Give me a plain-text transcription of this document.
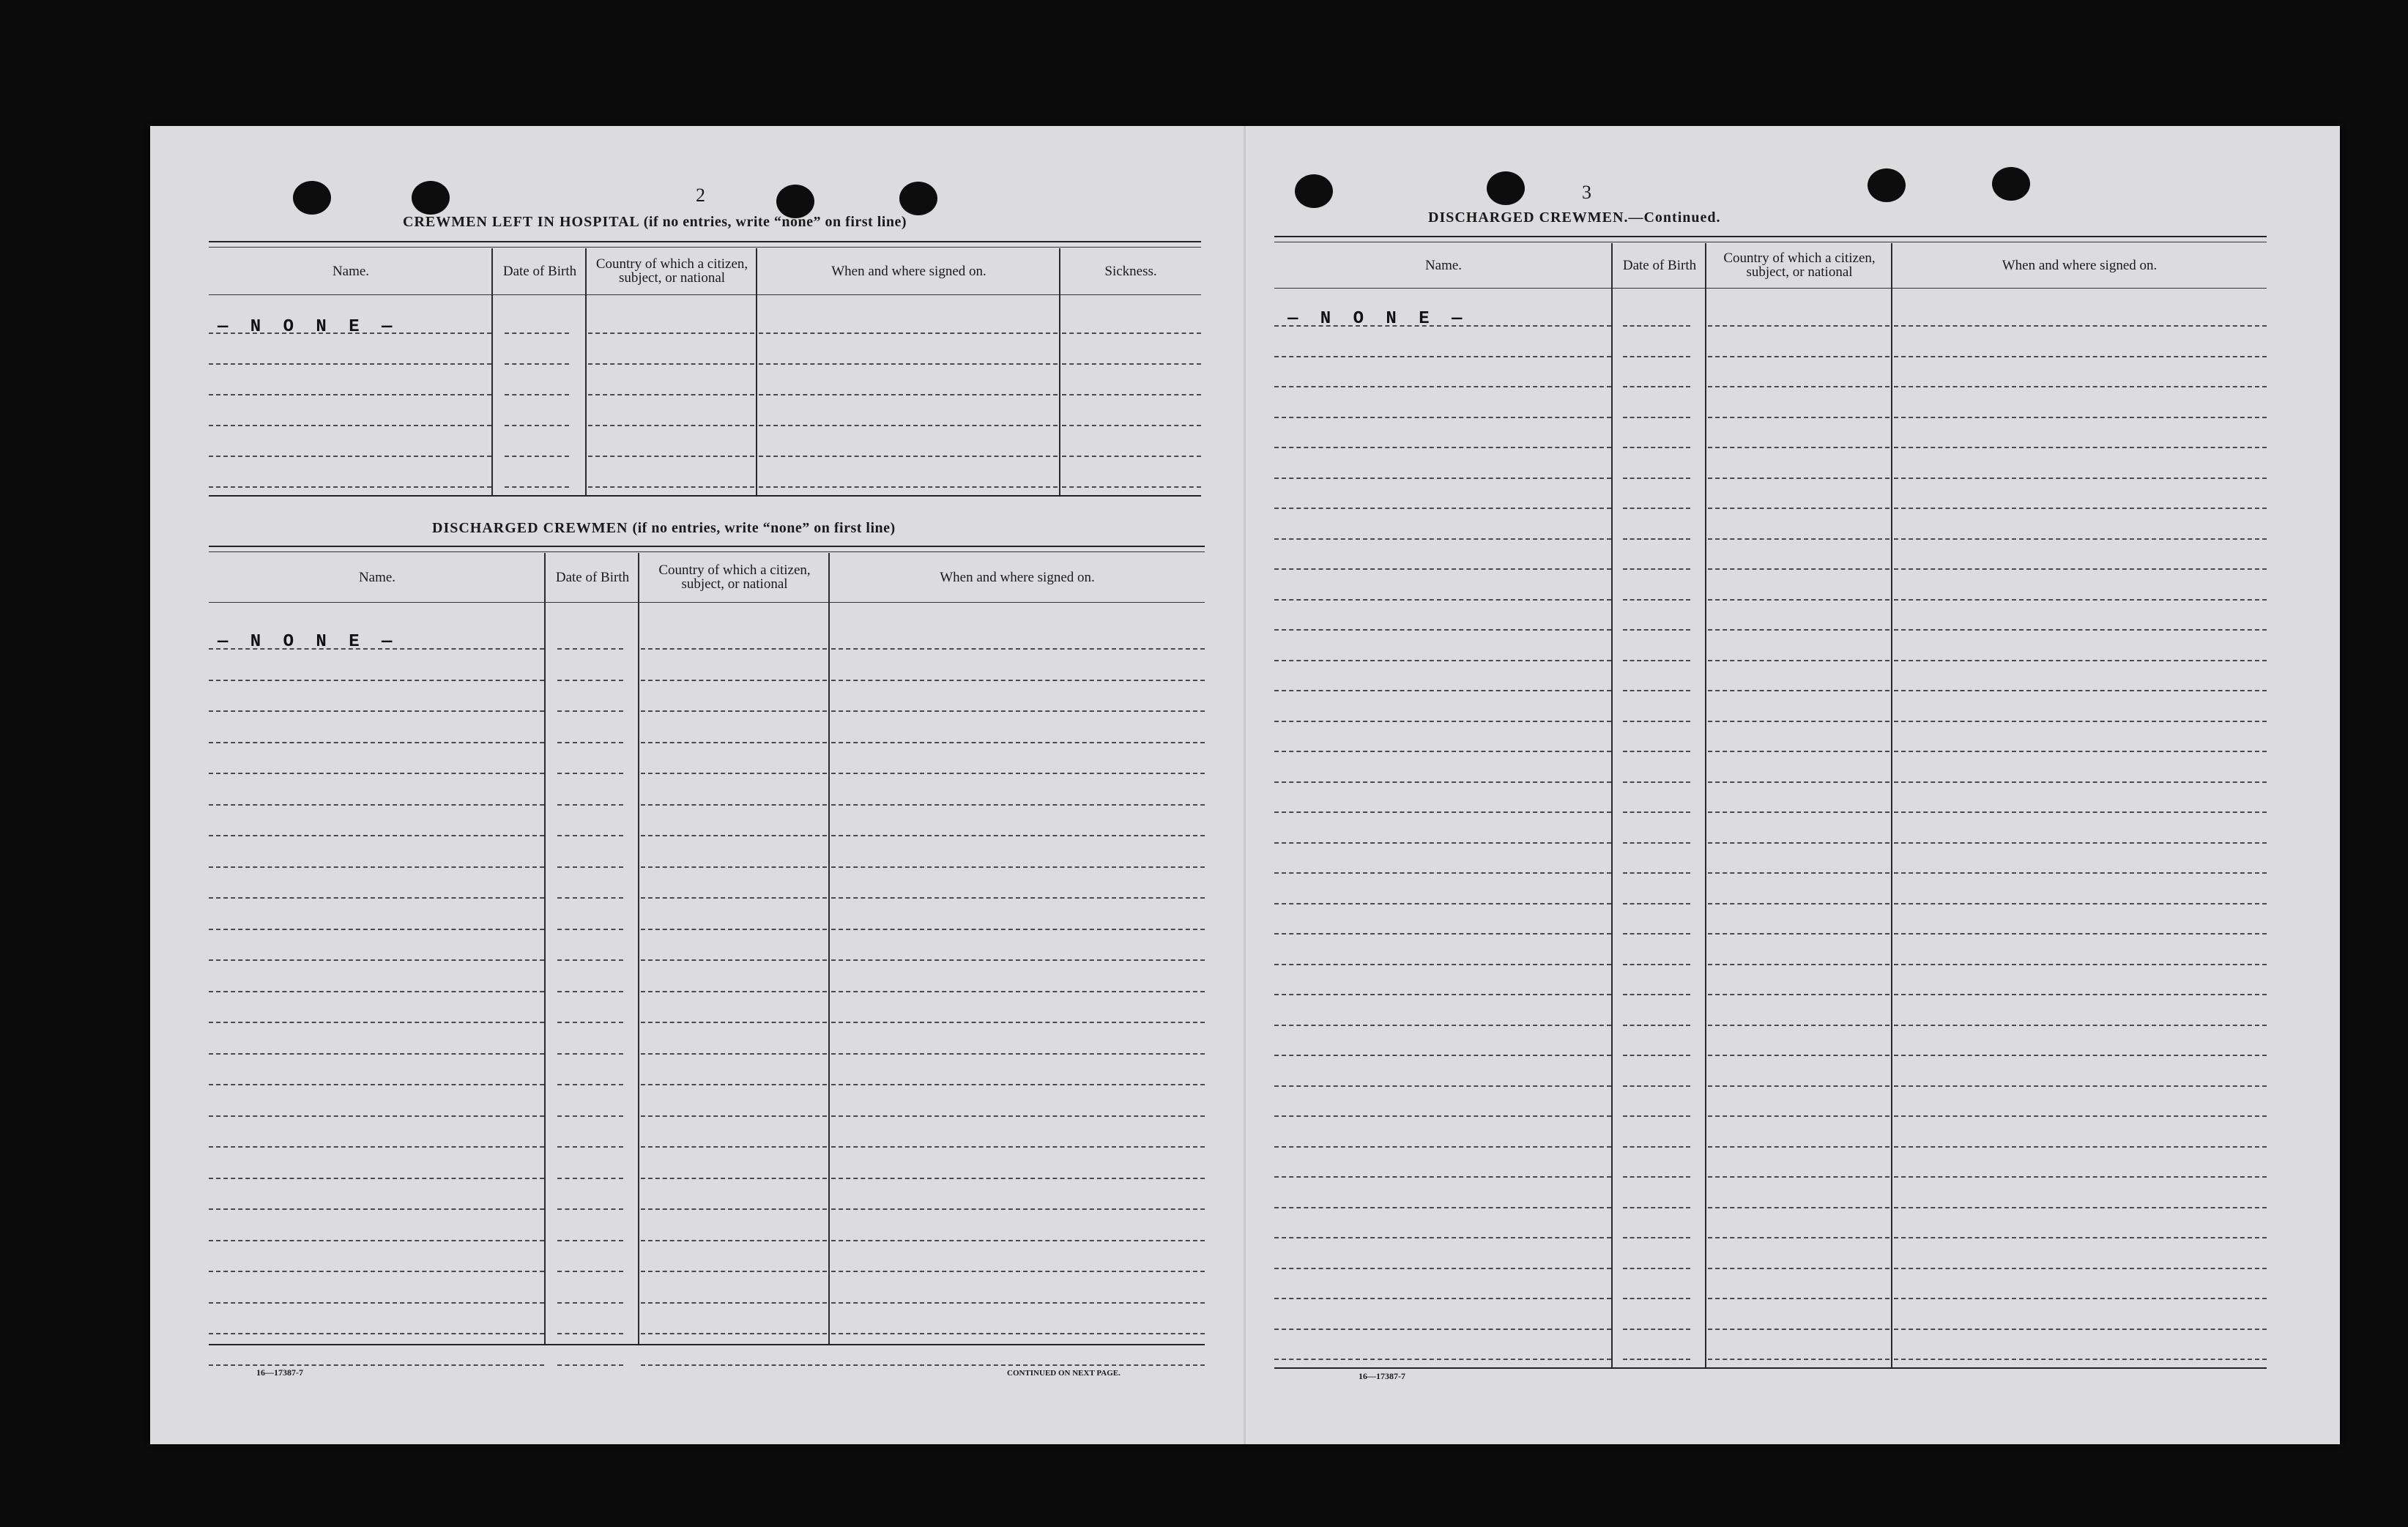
2
CREWMEN LEFT IN HOSPITAL (if no entries, write “none” on first line)
Name.	Date of Birth	Country of which a citizen, subject, or national	When and where signed on.	Sickness.
— N O N E —
DISCHARGED CREWMEN (if no entries, write “none” on first line)
Name.	Date of Birth	Country of which a citizen, subject, or national	When and where signed on.
— N O N E —
16—17387-7	CONTINUED ON NEXT PAGE.
3
DISCHARGED CREWMEN.—Continued.
Name.	Date of Birth	Country of which a citizen, subject, or national	When and where signed on.
— N O N E —
16—17387-7
